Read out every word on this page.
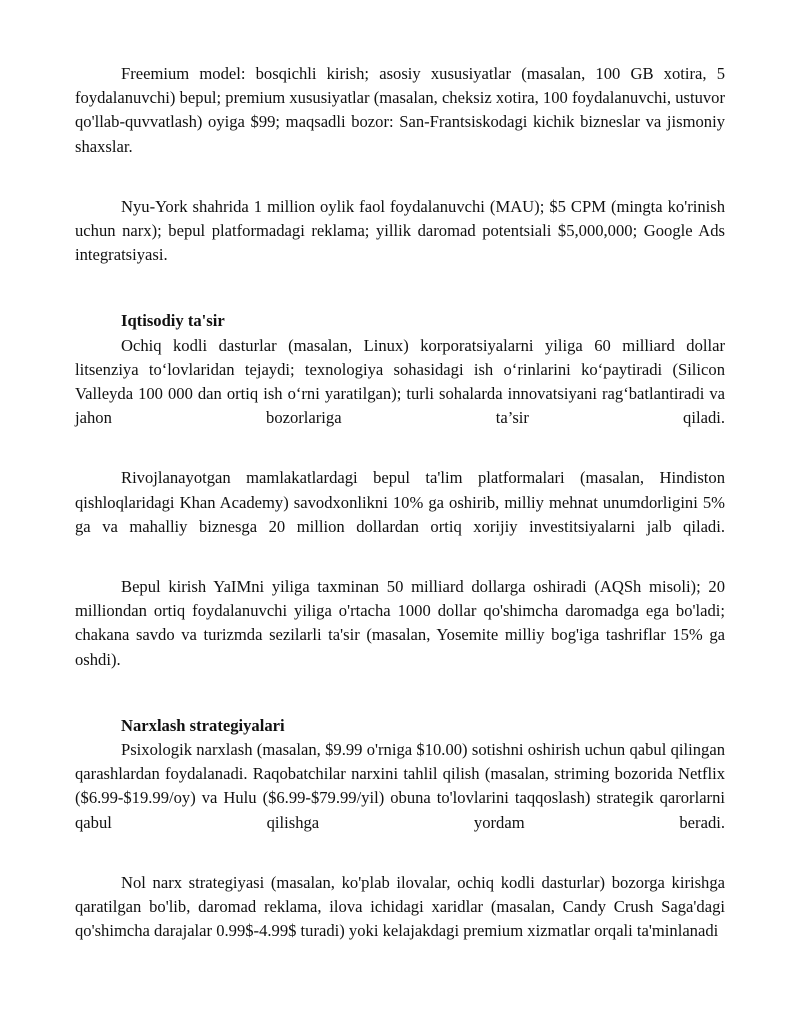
Freemium model: bosqichli kirish; asosiy xususiyatlar (masalan, 100 GB xotira, 5 foydalanuvchi) bepul; premium xususiyatlar (masalan, cheksiz xotira, 100 foydalanuvchi, ustuvor qo'llab-quvvatlash) oyiga $99; maqsadli bozor: San-Frantsiskodagi kichik bizneslar va jismoniy shaxslar.

Nyu-York shahrida 1 million oylik faol foydalanuvchi (MAU); $5 CPM (mingta ko'rinish uchun narx); bepul platformadagi reklama; yillik daromad potentsiali $5,000,000; Google Ads integratsiyasi.

Iqtisodiy ta'sir

Ochiq kodli dasturlar (masalan, Linux) korporatsiyalarni yiliga 60 milliard dollar litsenziya to‘lovlaridan tejaydi; texnologiya sohasidagi ish o‘rinlarini ko‘paytiradi (Silicon Valleyda 100 000 dan ortiq ish o‘rni yaratilgan); turli sohalarda innovatsiyani rag‘batlantiradi va jahon bozorlariga ta’sir qiladi.

Rivojlanayotgan mamlakatlardagi bepul ta'lim platformalari (masalan, Hindiston qishloqlaridagi Khan Academy) savodxonlikni 10% ga oshirib, milliy mehnat unumdorligini 5% ga va mahalliy biznesga 20 million dollardan ortiq xorijiy investitsiyalarni jalb qiladi.

Bepul kirish YaIMni yiliga taxminan 50 milliard dollarga oshiradi (AQSh misoli); 20 milliondan ortiq foydalanuvchi yiliga o'rtacha 1000 dollar qo'shimcha daromadga ega bo'ladi; chakana savdo va turizmda sezilarli ta'sir (masalan, Yosemite milliy bog'iga tashriflar 15% ga oshdi).

Narxlash strategiyalari

Psixologik narxlash (masalan, $9.99 o'rniga $10.00) sotishni oshirish uchun qabul qilingan qarashlardan foydalanadi. Raqobatchilar narxini tahlil qilish (masalan, striming bozorida Netflix ($6.99-$19.99/oy) va Hulu ($6.99-$79.99/yil) obuna to'lovlarini taqqoslash) strategik qarorlarni qabul qilishga yordam beradi.

Nol narx strategiyasi (masalan, ko'plab ilovalar, ochiq kodli dasturlar) bozorga kirishga qaratilgan bo'lib, daromad reklama, ilova ichidagi xaridlar (masalan, Candy Crush Saga'dagi qo'shimcha darajalar 0.99$-4.99$ turadi) yoki kelajakdagi premium xizmatlar orqali ta'minlanadi
